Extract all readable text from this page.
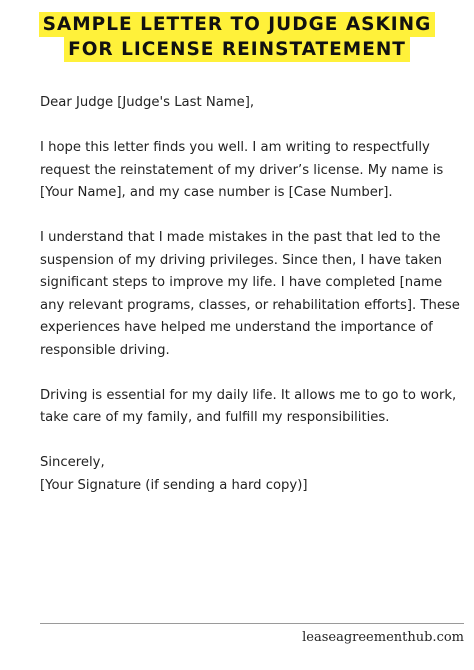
SAMPLE LETTER TO JUDGE ASKING
FOR LICENSE REINSTATEMENT

Dear Judge [Judge's Last Name],

I hope this letter finds you well. I am writing to respectfully request the reinstatement of my driver’s license. My name is [Your Name], and my case number is [Case Number].

I understand that I made mistakes in the past that led to the suspension of my driving privileges. Since then, I have taken significant steps to improve my life. I have completed [name any relevant programs, classes, or rehabilitation efforts]. These experiences have helped me understand the importance of responsible driving.

Driving is essential for my daily life. It allows me to go to work, take care of my family, and fulfill my responsibilities.

Sincerely,

[Your Signature (if sending a hard copy)]

leaseagreementhub.com
